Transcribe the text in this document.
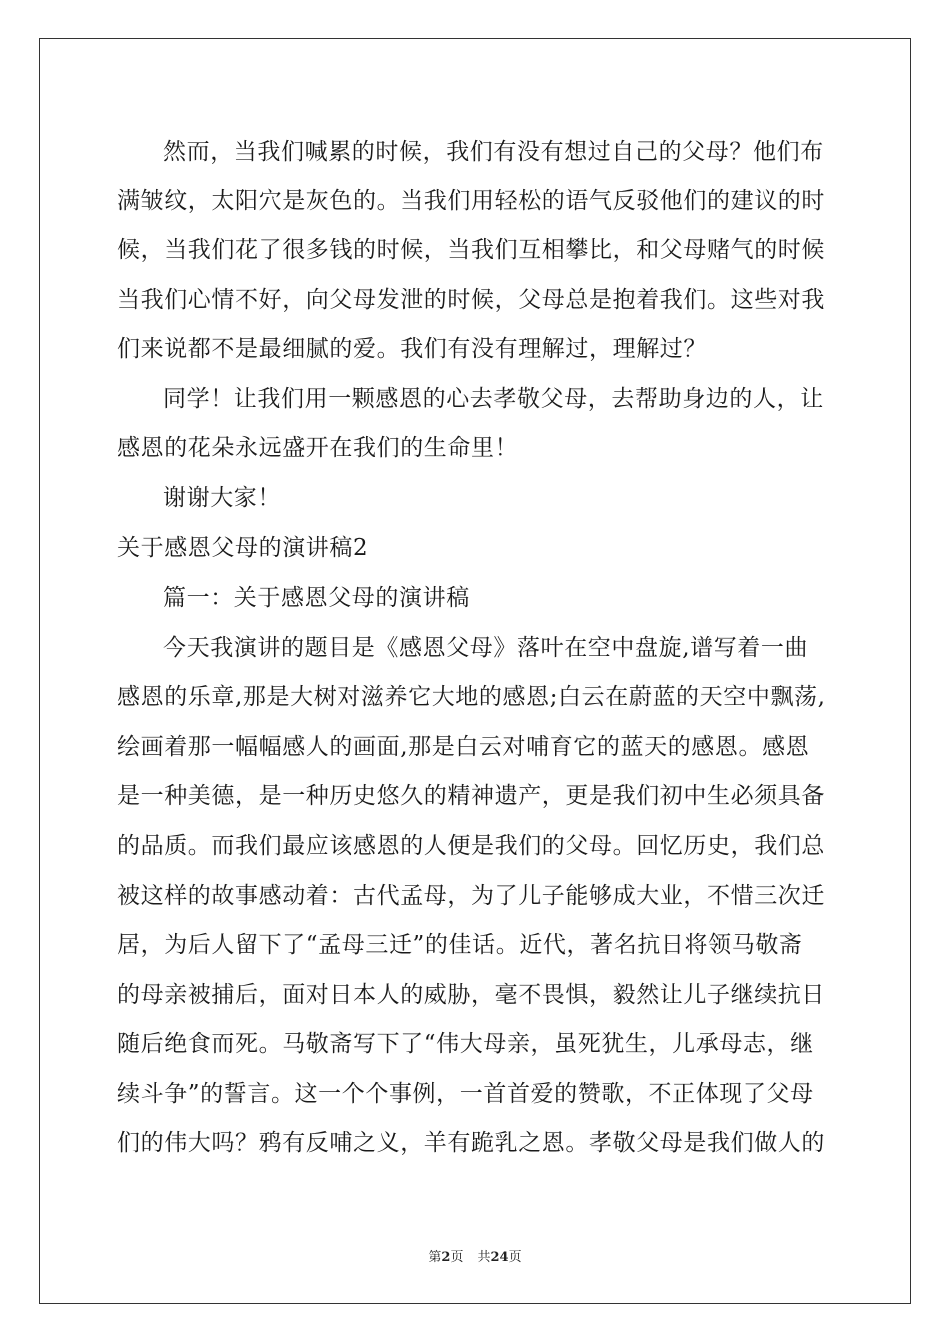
然而，当我们喊累的时候，我们有没有想过自己的父母？他们布
满皱纹，太阳穴是灰色的。当我们用轻松的语气反驳他们的建议的时
候，当我们花了很多钱的时候，当我们互相攀比，和父母赌气的时候
当我们心情不好，向父母发泄的时候，父母总是抱着我们。这些对我
们来说都不是最细腻的爱。我们有没有理解过，理解过？
同学！让我们用一颗感恩的心去孝敬父母，去帮助身边的人，让
感恩的花朵永远盛开在我们的生命里！
谢谢大家！
关于感恩父母的演讲稿2
篇一：关于感恩父母的演讲稿
今天我演讲的题目是《感恩父母》落叶在空中盘旋,谱写着一曲
感恩的乐章,那是大树对滋养它大地的感恩;白云在蔚蓝的天空中飘荡,
绘画着那一幅幅感人的画面,那是白云对哺育它的蓝天的感恩。感恩
是一种美德，是一种历史悠久的精神遗产，更是我们初中生必须具备
的品质。而我们最应该感恩的人便是我们的父母。回忆历史，我们总
被这样的故事感动着：古代孟母，为了儿子能够成大业，不惜三次迁
居，为后人留下了“孟母三迁”的佳话。近代，著名抗日将领马敬斋
的母亲被捕后，面对日本人的威胁，毫不畏惧，毅然让儿子继续抗日
随后绝食而死。马敬斋写下了“伟大母亲，虽死犹生，儿承母志，继
续斗争”的誓言。这一个个事例，一首首爱的赞歌，不正体现了父母
们的伟大吗？鸦有反哺之义，羊有跪乳之恩。孝敬父母是我们做人的
第2页 共24页
